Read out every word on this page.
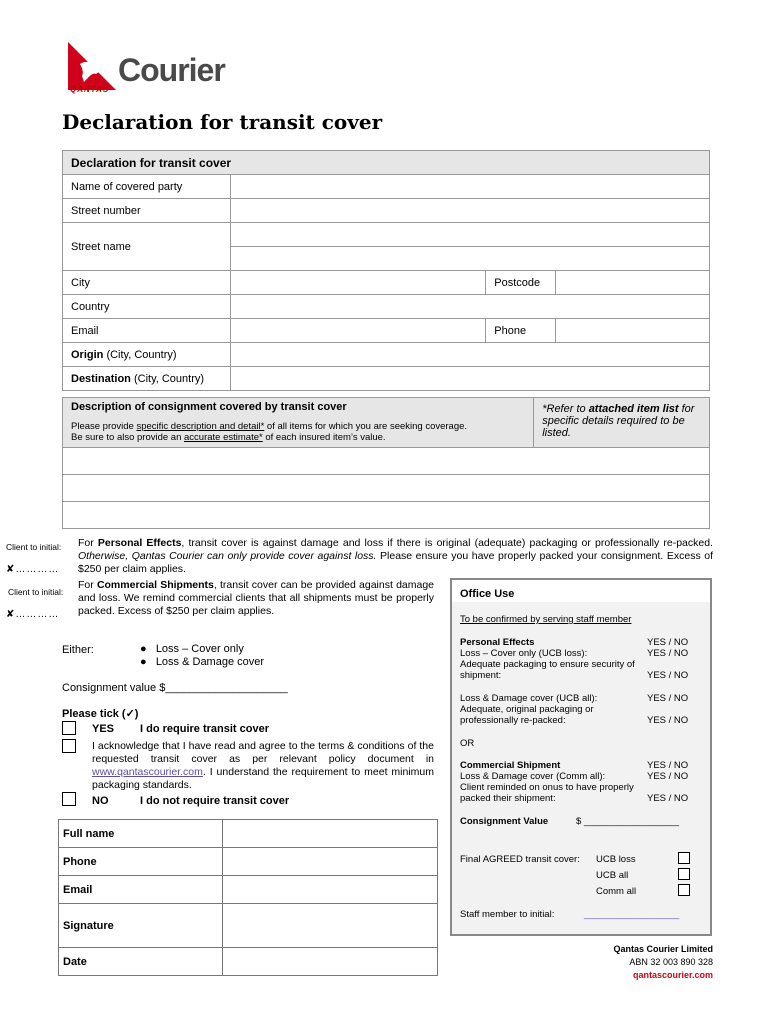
Courier
QANTAS
Declaration for transit cover
Declaration for transit cover			
Name of covered party			
Street number			
Street name			

City		Postcode	
Country			
Email		Phone	
Origin (City, Country)			
Destination (City, Country)			
Description of consignment covered by transit cover
Please provide specific description and detail* of all items for which you are seeking coverage.
Be sure to also provide an accurate estimate* of each insured item’s value.
	*Refer to attached item list for specific details required to be listed.

Client to initial:
✘…………
For Personal Effects, transit cover is against damage and loss if there is original (adequate) packaging or professionally re-packed. Otherwise, Qantas Courier can only provide cover against loss. Please ensure you have properly packed your consignment. Excess of $250 per claim applies.
Client to initial:
✘…………
For Commercial Shipments, transit cover can be provided against damage and loss. We remind commercial clients that all shipments must be properly packed. Excess of $250 per claim applies.
Either:	●   Loss – Cover only
●   Loss & Damage cover
Consignment value $____________________
Please tick (✓)
YES I do require transit cover
I acknowledge that I have read and agree to the terms & conditions of the requested transit cover as per relevant policy document in www.qantascourier.com. I understand the requirement to meet minimum packaging standards.
NO	I do not require transit cover
Full name	
Phone	
Email	
Signature	
Date	
Office Use
To be confirmed by serving staff member
Personal Effects	YES / NO
Loss – Cover only (UCB loss):	YES / NO
Adequate packaging to ensure security of shipment:	YES / NO
Loss & Damage cover (UCB all):	YES / NO
Adequate, original packaging or professionally re-packed:	YES / NO
OR
Commercial Shipment	YES / NO
Loss & Damage cover (Comm all):	YES / NO
Client reminded on onus to have properly packed their shipment:	YES / NO
Consignment Value	$ __________________
Final AGREED transit cover: UCB loss
UCB all
Comm all
Staff member to initial:	__________________
Qantas Courier Limited
ABN 32 003 890 328
qantascourier.com
